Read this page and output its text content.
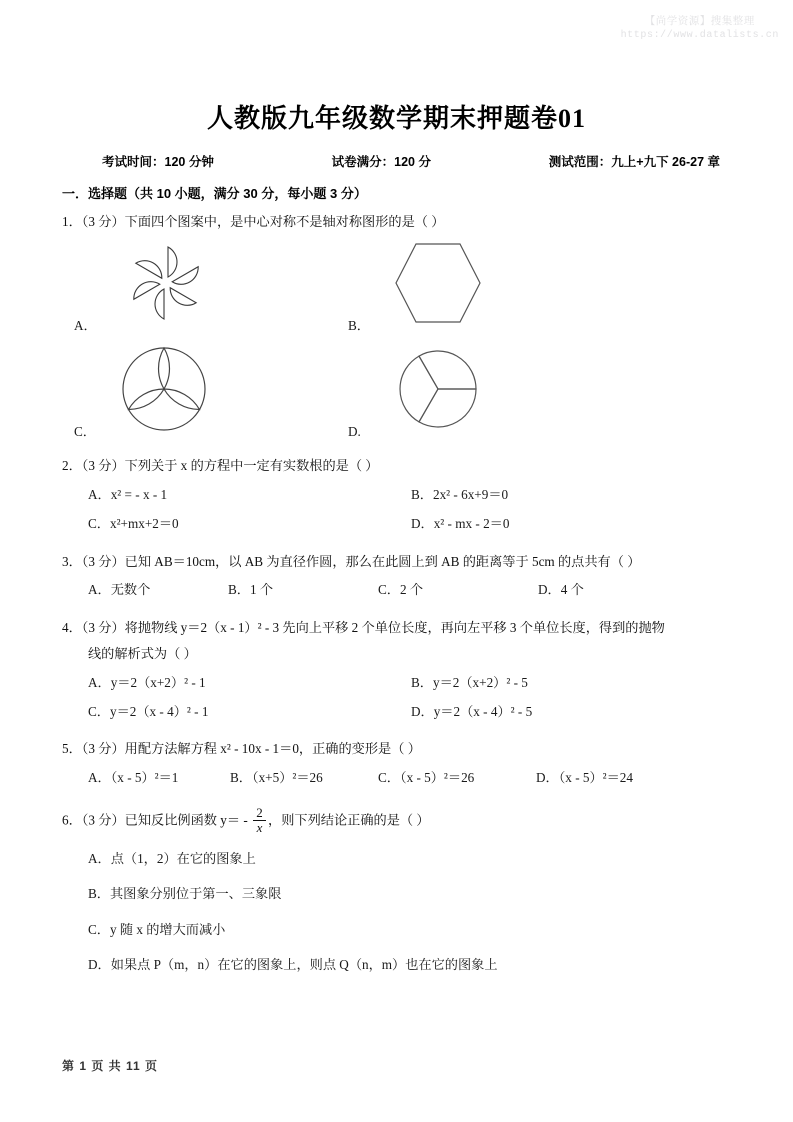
【尚学资源】搜集整理
https://www.datalists.cn
人教版九年级数学期末押题卷01
考试时间：120 分钟	试卷满分：120 分	测试范围：九上+九下 26-27 章
一．选择题（共 10 小题，满分 30 分，每小题 3 分）
1．（3 分）下面四个图案中，是中心对称不是轴对称图形的是（ ）
A．
	B．
C．
	D.
2．（3 分）下列关于 x 的方程中一定有实数根的是（ ）
A．x² = - x - 1	B．2x² - 6x+9＝0
C．x²+mx+2＝0	D．x² - mx - 2＝0
3．（3 分）已知 AB＝10cm，以 AB 为直径作圆，那么在此圆上到 AB 的距离等于 5cm 的点共有（ ）
A．无数个	B．1 个	C．2 个	D．4 个
4．（3 分）将抛物线 y＝2（x - 1）² - 3 先向上平移 2 个单位长度，再向左平移 3 个单位长度，得到的抛物
线的解析式为（ ）
A．y＝2（x+2）² - 1	B．y＝2（x+2）² - 5
C．y＝2（x - 4）² - 1	D．y＝2（x - 4）² - 5
5．（3 分）用配方法解方程 x² - 10x - 1＝0，正确的变形是（ ）
A．（x - 5）²＝1	B．（x+5）²＝26	C．（x - 5）²＝26	D．（x - 5）²＝24
6．（3 分）已知反比例函数 $y= - \frac{2}{x}$ ，则下列结论正确的是（ ）
A．点（1，2）在它的图象上
B．其图象分别位于第一、三象限
C．y 随 x 的增大而减小
D．如果点 P（m，n）在它的图象上，则点 Q（n，m）也在它的图象上
第 1 页 共 11 页
